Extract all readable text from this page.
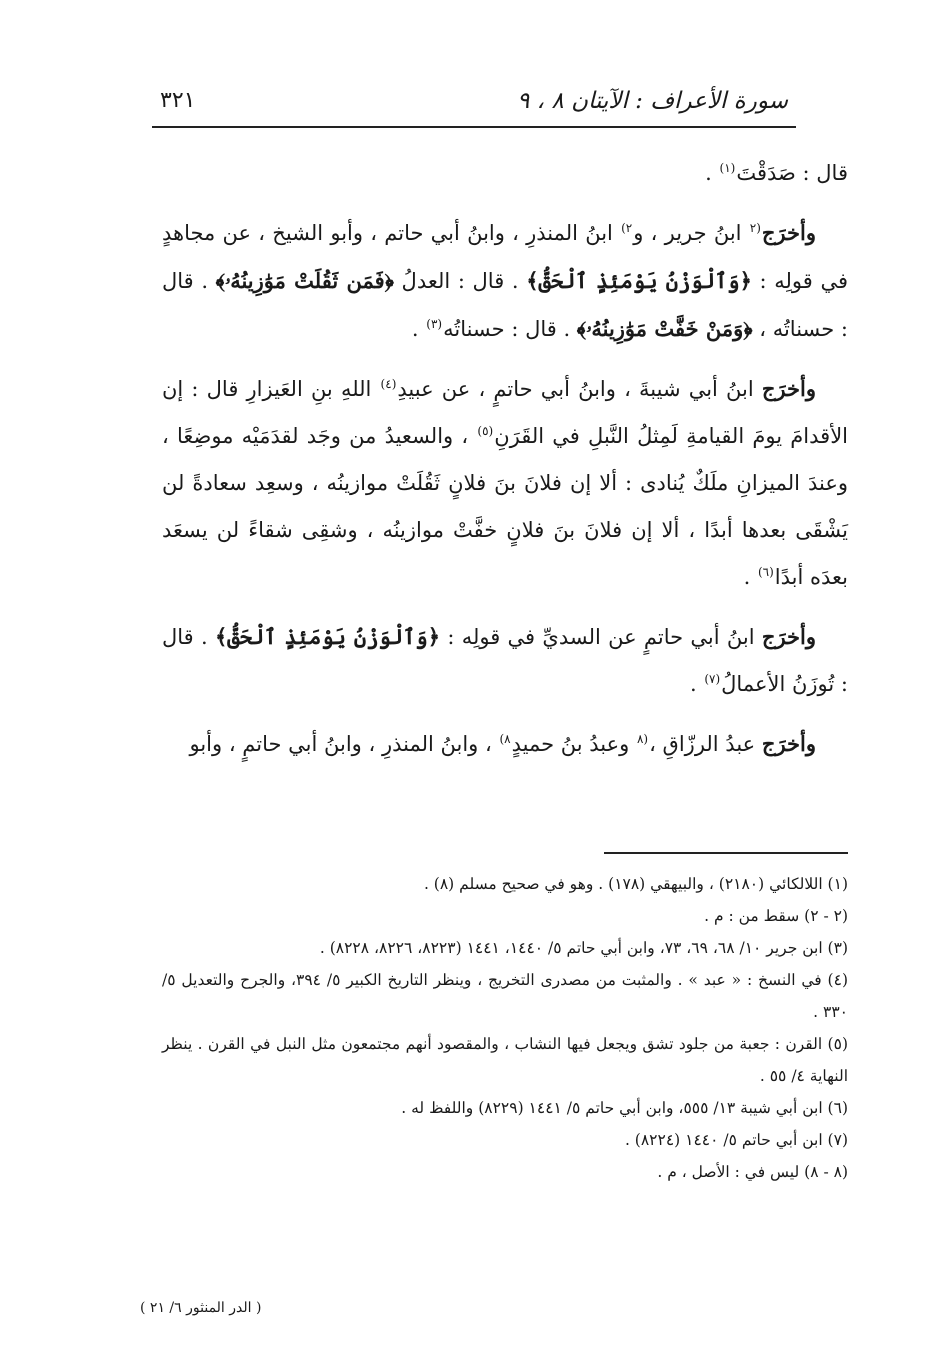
سورة الأعراف : الآيتان ٨ ، ٩
٣٢١

قال : صَدَقْتَ$^{(١)}$ .

وأخرَج$^{(٢}$ ابنُ جرير ، و$^{٢)}$ ابنُ المنذرِ ، وابنُ أبي حاتم ، وأبو الشيخ ، عن مجاهدٍ في قولِه : ﴿وَٱلْوَزْنُ يَوْمَئِذٍ ٱلْحَقُّ﴾ . قال : العدلُ ﴿فَمَن ثَقُلَتْ مَوَٰزِينُهُۥ﴾ . قال : حسناتُه ، ﴿وَمَنْ خَفَّتْ مَوَٰزِينُهُۥ﴾ . قال : حسناتُه$^{(٣)}$ .

وأخرَج ابنُ أبي شيبةَ ، وابنُ أبي حاتمٍ ، عن عبيدِ$^{(٤)}$ اللهِ بنِ العَيزارِ قال : إن الأقدامَ يومَ القيامةِ لَمِثلُ النَّبلِ في القَرَنِ$^{(٥)}$ ، والسعيدُ من وجَد لقدَمَيْه موضِعًا ، وعندَ الميزانِ ملَكٌ يُنادى : ألا إن فلانَ بنَ فلانٍ ثَقُلَتْ موازينُه ، وسعِد سعادةً لن يَشْقَى بعدها أبدًا ، ألا إن فلانَ بنَ فلانٍ خفَّتْ موازينُه ، وشقِى شقاءً لن يسعَد بعدَه أبدًا$^{(٦)}$ .

وأخرَج ابنُ أبي حاتمٍ عن السديِّ في قولِه : ﴿وَٱلْوَزْنُ يَوْمَئِذٍ ٱلْحَقُّ﴾ . قال : تُوزَنُ الأعمالُ$^{(٧)}$ .

وأخرَج عبدُ الرزّاقِ ،$^{(٨}$ وعبدُ بنُ حميدٍ$^{٨)}$ ، وابنُ المنذرِ ، وابنُ أبي حاتمٍ ، وأبو

(١) اللالكائي (٢١٨٠) ، والبيهقي (١٧٨) . وهو في صحيح مسلم (٨) .

(٢ - ٢) سقط من : م .

(٣) ابن جرير ١٠/ ٦٨، ٦٩، ٧٣، وابن أبي حاتم ٥/ ١٤٤٠، ١٤٤١ (٨٢٢٣، ٨٢٢٦، ٨٢٢٨) .

(٤) في النسخ : « عبد » . والمثبت من مصدرى التخريج ، وينظر التاريخ الكبير ٥/ ٣٩٤، والجرح والتعديل ٥/ ٣٣٠ .

(٥) القرن : جعبة من جلود تشق ويجعل فيها النشاب ، والمقصود أنهم مجتمعون مثل النبل في القرن . ينظر النهاية ٤/ ٥٥ .

(٦) ابن أبي شيبة ١٣/ ٥٥٥، وابن أبي حاتم ٥/ ١٤٤١ (٨٢٢٩) واللفظ له .

(٧) ابن أبي حاتم ٥/ ١٤٤٠ (٨٢٢٤) .

(٨ - ٨) ليس في : الأصل ، م .

( الدر المنثور ٦/ ٢١ )
